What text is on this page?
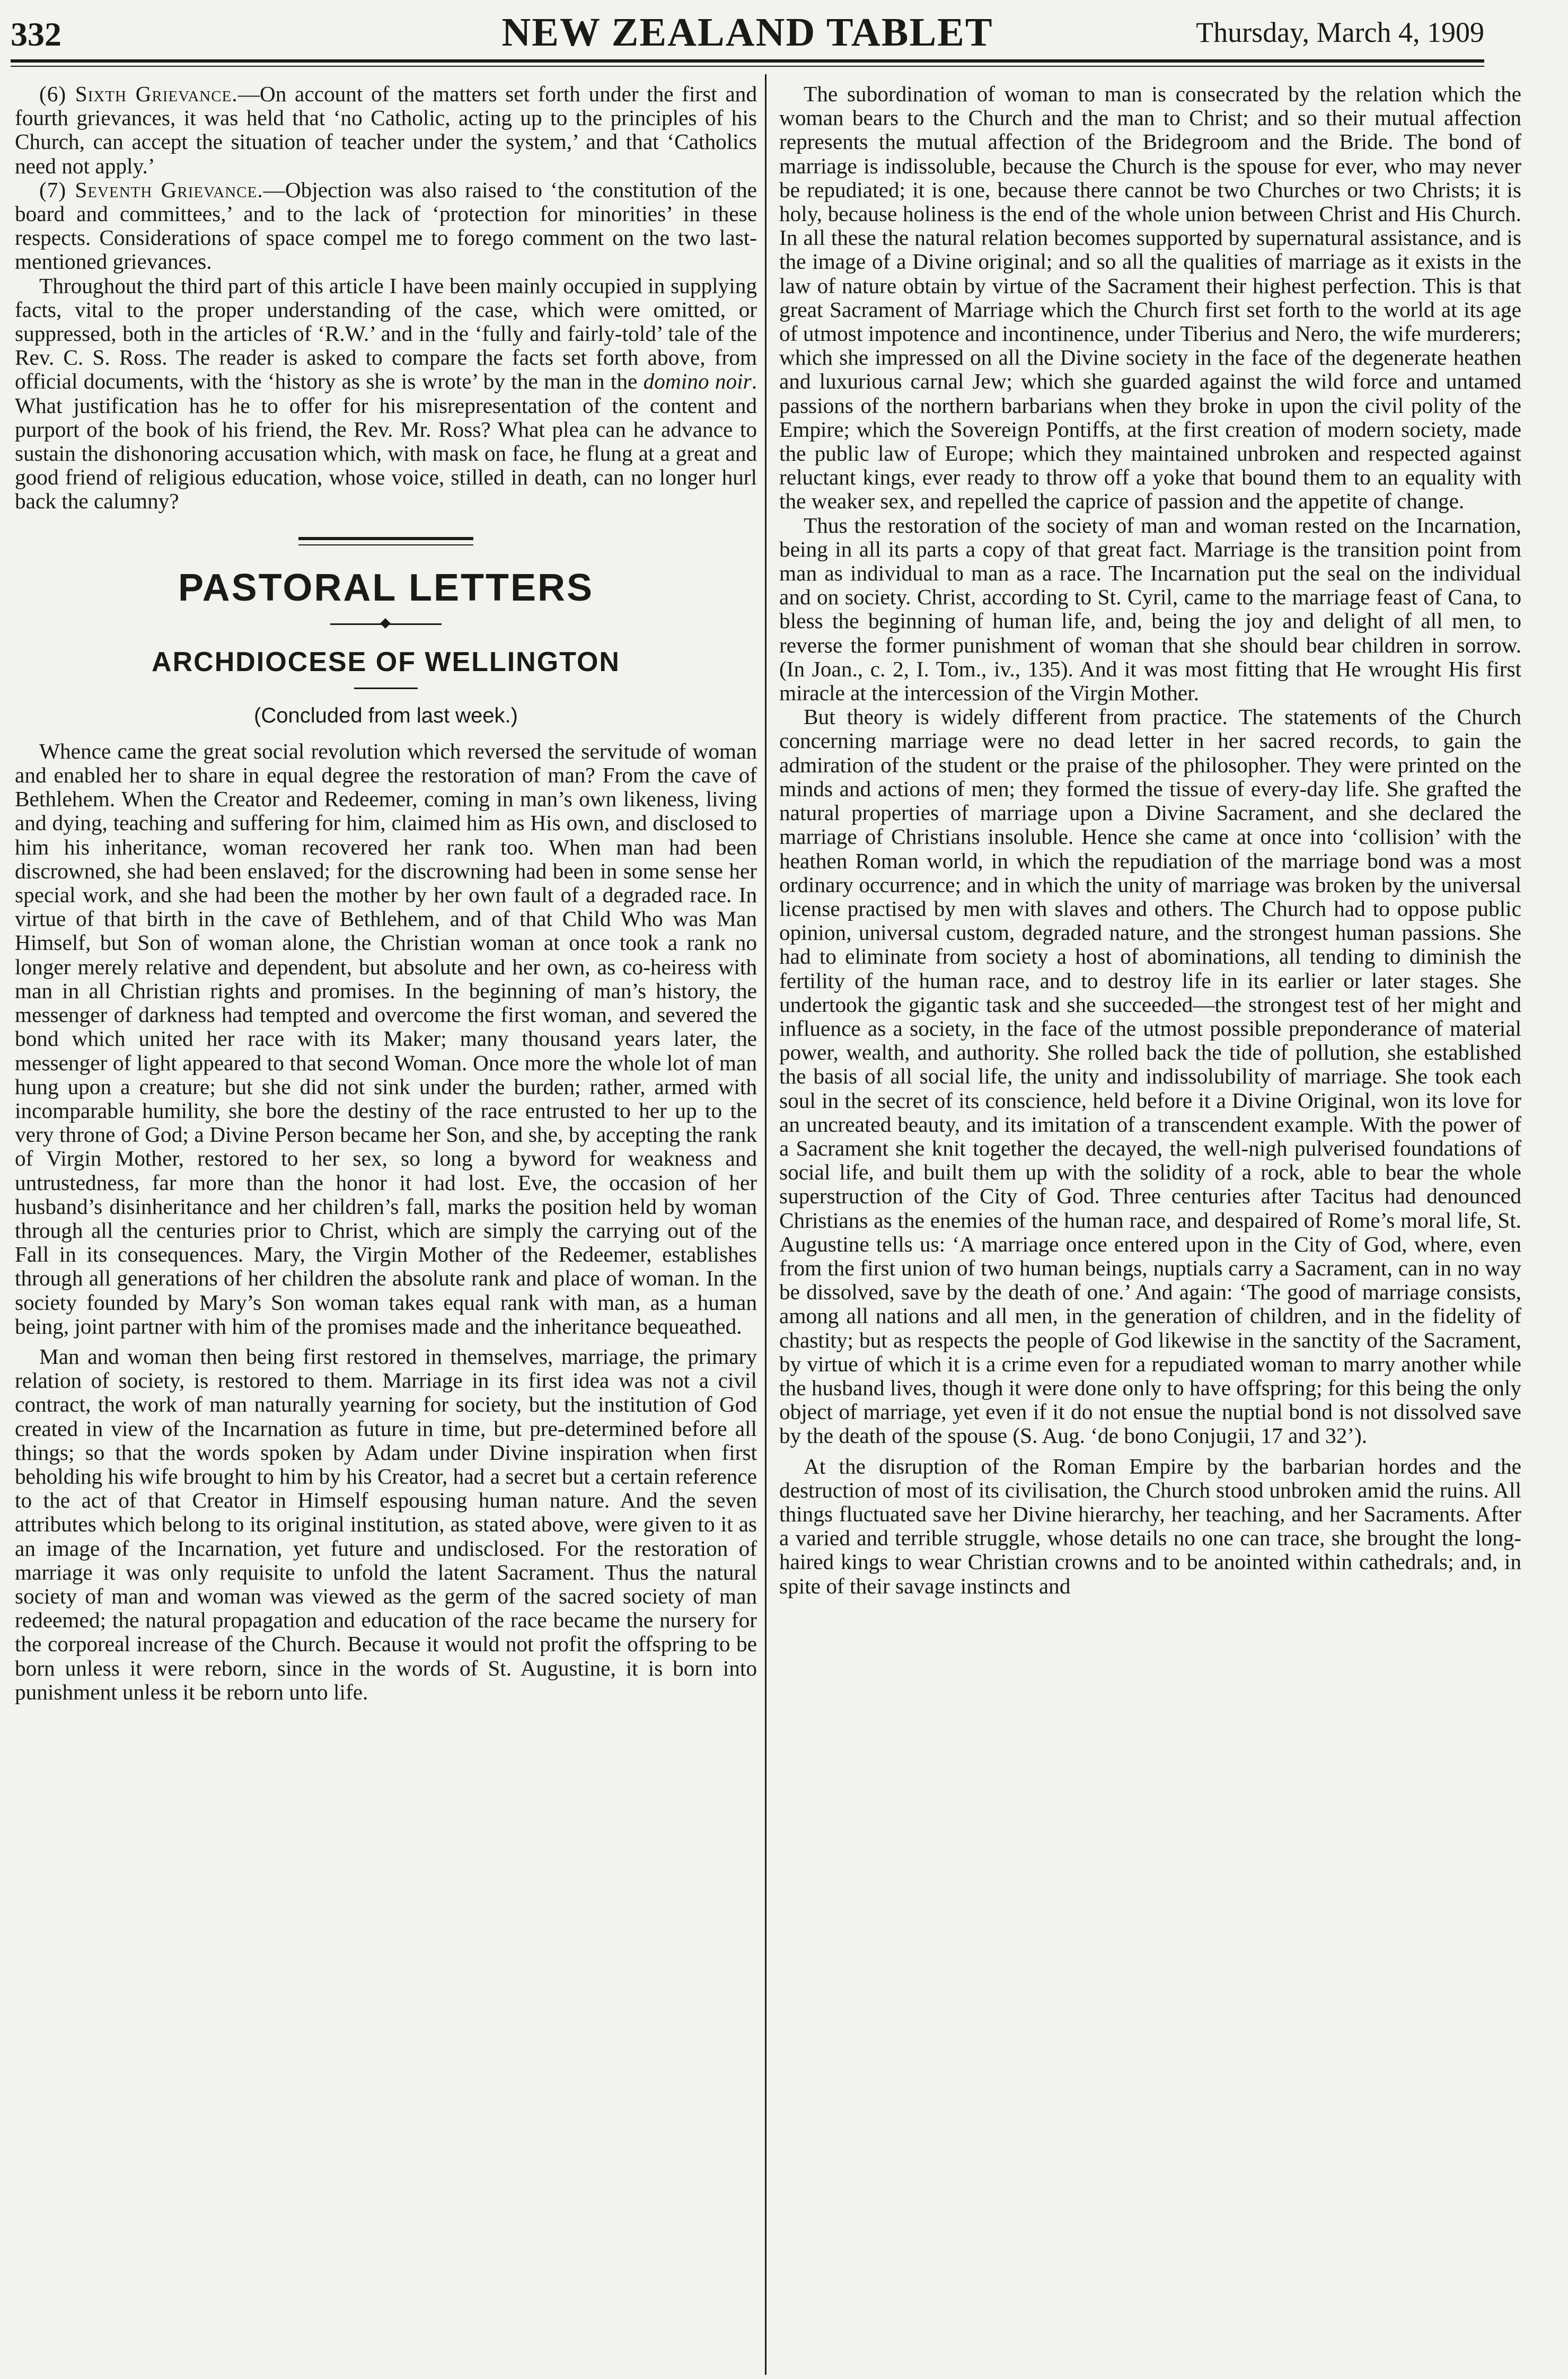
332	NEW ZEALAND TABLET	Thursday, March 4, 1909

(6) Sixth Grievance.—On account of the matters set forth under the first and fourth grievances, it was held that ‘no Catholic, acting up to the principles of his Church, can accept the situation of teacher under the system,’ and that ‘Catholics need not apply.’

(7) Seventh Grievance.—Objection was also raised to ‘the constitution of the board and committees,’ and to the lack of ‘protection for minorities’ in these respects. Considerations of space compel me to forego comment on the two last-mentioned grievances.

Throughout the third part of this article I have been mainly occupied in supplying facts, vital to the proper understanding of the case, which were omitted, or suppressed, both in the articles of ‘R.W.’ and in the ‘fully and fairly-told’ tale of the Rev. C. S. Ross. The reader is asked to compare the facts set forth above, from official documents, with the ‘history as she is wrote’ by the man in the domino noir. What justification has he to offer for his misrepresentation of the content and purport of the book of his friend, the Rev. Mr. Ross? What plea can he advance to sustain the dishonoring accusation which, with mask on face, he flung at a great and good friend of religious education, whose voice, stilled in death, can no longer hurl back the calumny?

PASTORAL LETTERS
ARCHDIOCESE OF WELLINGTON
(Concluded from last week.)

Whence came the great social revolution which reversed the servitude of woman and enabled her to share in equal degree the restoration of man? From the cave of Bethlehem. When the Creator and Redeemer, coming in man’s own likeness, living and dying, teaching and suffering for him, claimed him as His own, and disclosed to him his inheritance, woman recovered her rank too. When man had been discrowned, she had been enslaved; for the discrowning had been in some sense her special work, and she had been the mother by her own fault of a degraded race. In virtue of that birth in the cave of Bethlehem, and of that Child Who was Man Himself, but Son of woman alone, the Christian woman at once took a rank no longer merely relative and dependent, but absolute and her own, as co-heiress with man in all Christian rights and promises. In the beginning of man’s history, the messenger of darkness had tempted and overcome the first woman, and severed the bond which united her race with its Maker; many thousand years later, the messenger of light appeared to that second Woman. Once more the whole lot of man hung upon a creature; but she did not sink under the burden; rather, armed with incomparable humility, she bore the destiny of the race entrusted to her up to the very throne of God; a Divine Person became her Son, and she, by accepting the rank of Virgin Mother, restored to her sex, so long a byword for weakness and untrustedness, far more than the honor it had lost. Eve, the occasion of her husband’s disinheritance and her children’s fall, marks the position held by woman through all the centuries prior to Christ, which are simply the carrying out of the Fall in its consequences. Mary, the Virgin Mother of the Redeemer, establishes through all generations of her children the absolute rank and place of woman. In the society founded by Mary’s Son woman takes equal rank with man, as a human being, joint partner with him of the promises made and the inheritance bequeathed.

Man and woman then being first restored in themselves, marriage, the primary relation of society, is restored to them. Marriage in its first idea was not a civil contract, the work of man naturally yearning for society, but the institution of God created in view of the Incarnation as future in time, but pre-determined before all things; so that the words spoken by Adam under Divine inspiration when first beholding his wife brought to him by his Creator, had a secret but a certain reference to the act of that Creator in Himself espousing human nature. And the seven attributes which belong to its original institution, as stated above, were given to it as an image of the Incarnation, yet future and undisclosed. For the restoration of marriage it was only requisite to unfold the latent Sacrament. Thus the natural society of man and woman was viewed as the germ of the sacred society of man redeemed; the natural propagation and education of the race became the nursery for the corporeal increase of the Church. Because it would not profit the offspring to be born unless it were reborn, since in the words of St. Augustine, it is born into punishment unless it be reborn unto life.

The subordination of woman to man is consecrated by the relation which the woman bears to the Church and the man to Christ; and so their mutual affection represents the mutual affection of the Bridegroom and the Bride. The bond of marriage is indissoluble, because the Church is the spouse for ever, who may never be repudiated; it is one, because there cannot be two Churches or two Christs; it is holy, because holiness is the end of the whole union between Christ and His Church. In all these the natural relation becomes supported by supernatural assistance, and is the image of a Divine original; and so all the qualities of marriage as it exists in the law of nature obtain by virtue of the Sacrament their highest perfection. This is that great Sacrament of Marriage which the Church first set forth to the world at its age of utmost impotence and incontinence, under Tiberius and Nero, the wife murderers; which she impressed on all the Divine society in the face of the degenerate heathen and luxurious carnal Jew; which she guarded against the wild force and untamed passions of the northern barbarians when they broke in upon the civil polity of the Empire; which the Sovereign Pontiffs, at the first creation of modern society, made the public law of Europe; which they maintained unbroken and respected against reluctant kings, ever ready to throw off a yoke that bound them to an equality with the weaker sex, and repelled the caprice of passion and the appetite of change.

Thus the restoration of the society of man and woman rested on the Incarnation, being in all its parts a copy of that great fact. Marriage is the transition point from man as individual to man as a race. The Incarnation put the seal on the individual and on society. Christ, according to St. Cyril, came to the marriage feast of Cana, to bless the beginning of human life, and, being the joy and delight of all men, to reverse the former punishment of woman that she should bear children in sorrow. (In Joan., c. 2, I. Tom., iv., 135). And it was most fitting that He wrought His first miracle at the intercession of the Virgin Mother.

But theory is widely different from practice. The statements of the Church concerning marriage were no dead letter in her sacred records, to gain the admiration of the student or the praise of the philosopher. They were printed on the minds and actions of men; they formed the tissue of every-day life. She grafted the natural properties of marriage upon a Divine Sacrament, and she declared the marriage of Christians insoluble. Hence she came at once into ‘collision’ with the heathen Roman world, in which the repudiation of the marriage bond was a most ordinary occurrence; and in which the unity of marriage was broken by the universal license practised by men with slaves and others. The Church had to oppose public opinion, universal custom, degraded nature, and the strongest human passions. She had to eliminate from society a host of abominations, all tending to diminish the fertility of the human race, and to destroy life in its earlier or later stages. She undertook the gigantic task and she succeeded—the strongest test of her might and influence as a society, in the face of the utmost possible preponderance of material power, wealth, and authority. She rolled back the tide of pollution, she established the basis of all social life, the unity and indissolubility of marriage. She took each soul in the secret of its conscience, held before it a Divine Original, won its love for an uncreated beauty, and its imitation of a transcendent example. With the power of a Sacrament she knit together the decayed, the well-nigh pulverised foundations of social life, and built them up with the solidity of a rock, able to bear the whole superstruction of the City of God. Three centuries after Tacitus had denounced Christians as the enemies of the human race, and despaired of Rome’s moral life, St. Augustine tells us: ‘A marriage once entered upon in the City of God, where, even from the first union of two human beings, nuptials carry a Sacrament, can in no way be dissolved, save by the death of one.’ And again: ‘The good of marriage consists, among all nations and all men, in the generation of children, and in the fidelity of chastity; but as respects the people of God likewise in the sanctity of the Sacrament, by virtue of which it is a crime even for a repudiated woman to marry another while the husband lives, though it were done only to have offspring; for this being the only object of marriage, yet even if it do not ensue the nuptial bond is not dissolved save by the death of the spouse (S. Aug. ‘de bono Conjugii, 17 and 32’).

At the disruption of the Roman Empire by the barbarian hordes and the destruction of most of its civilisation, the Church stood unbroken amid the ruins. All things fluctuated save her Divine hierarchy, her teaching, and her Sacraments. After a varied and terrible struggle, whose details no one can trace, she brought the long-haired kings to wear Christian crowns and to be anointed within cathedrals; and, in spite of their savage instincts and
